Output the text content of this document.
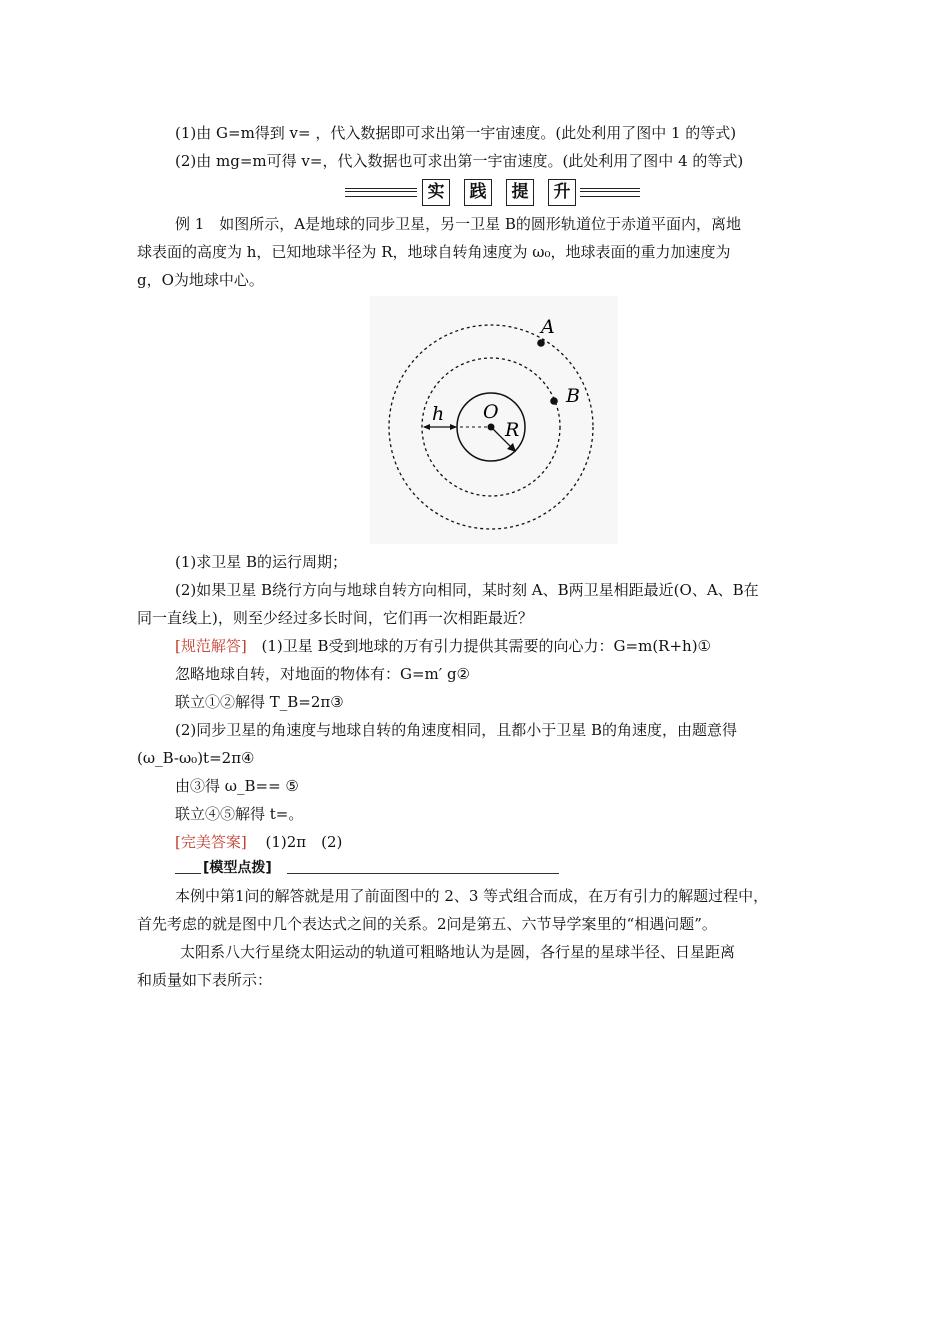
(1)由 G=m得到 v= ，代入数据即可求出第一宇宙速度。(此处利用了图中 1 的等式)
(2)由 mg=m可得 v=，代入数据也可求出第一宇宙速度。(此处利用了图中 4 的等式)
实	践	提	升
例 1　如图所示，A是地球的同步卫星，另一卫星 B的圆形轨道位于赤道平面内，离地
球表面的高度为 h，已知地球半径为 R，地球自转角速度为 ω₀，地球表面的重力加速度为
g，O为地球中心。
A
B
O
R
h
(1)求卫星 B的运行周期；
(2)如果卫星 B绕行方向与地球自转方向相同，某时刻 A、B两卫星相距最近(O、A、B在
同一直线上)，则至少经过多长时间，它们再一次相距最近？
[规范解答] (1)卫星 B受到地球的万有引力提供其需要的向心力：G=m(R+h)①
忽略地球自转，对地面的物体有：G=m′ g②
联立①②解得 T_B=2π③
(2)同步卫星的角速度与地球自转的角速度相同，且都小于卫星 B的角速度，由题意得
(ω_B-ω₀)t=2π④
由③得 ω_B== ⑤
联立④⑤解得 t=。
[完美答案] (1)2π　(2)
[模型点拨]
本例中第1问的解答就是用了前面图中的 2、3 等式组合而成，在万有引力的解题过程中，
首先考虑的就是图中几个表达式之间的关系。2问是第五、六节导学案里的“相遇问题”。
太阳系八大行星绕太阳运动的轨道可粗略地认为是圆，各行星的星球半径、日星距离
和质量如下表所示：
